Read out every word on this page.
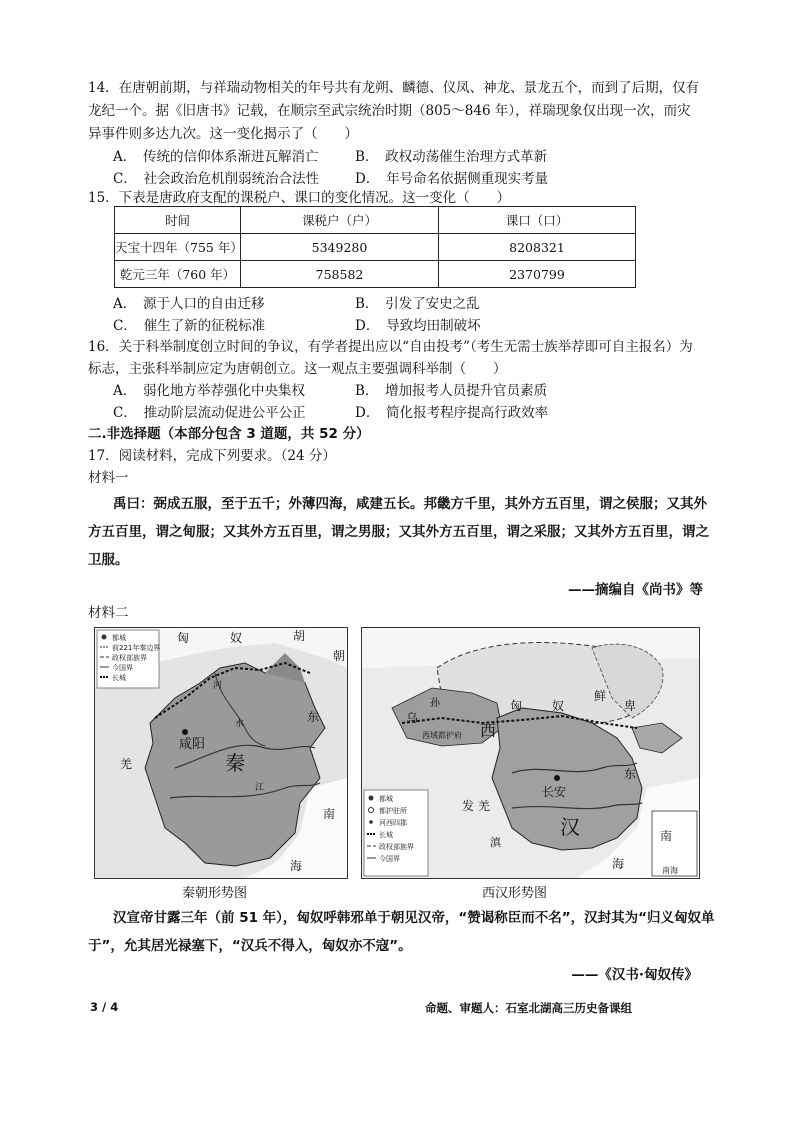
14．在唐朝前期，与祥瑞动物相关的年号共有龙朔、麟德、仪凤、神龙、景龙五个，而到了后期，仅有
龙纪一个。据《旧唐书》记载，在顺宗至武宗统治时期（805～846 年），祥瑞现象仅出现一次，而灾
异事件则多达九次。这一变化揭示了（　　）
A．　传统的信仰体系渐进瓦解消亡	B．　政权动荡催生治理方式革新
C．　社会政治危机削弱统治合法性	D．　年号命名依据侧重现实考量
15．下表是唐政府支配的课税户、课口的变化情况。这一变化（　　）
时间	课税户（户）	课口（口）
天宝十四年（755 年）	5349280	8208321
乾元三年（760 年）	758582	2370799
A．　源于人口的自由迁移	B．　引发了安史之乱
C．　催生了新的征税标准	D．　导致均田制破坏
16．关于科举制度创立时间的争议，有学者提出应以“自由投考”（考生无需士族举荐即可自主报名）为
标志，主张科举制应定为唐朝创立。这一观点主要强调科举制（　　）
A．　弱化地方举荐强化中央集权	B．　增加报考人员提升官员素质
C．　推动阶层流动促进公平公正	D．　简化报考程序提高行政效率
二.非选择题（本部分包含 3 道题，共 52 分）
17．阅读材料，完成下列要求。（24 分）
材料一
禹曰：弼成五服，至于五千；外薄四海，咸建五长。邦畿方千里，其外方五百里，谓之侯服；又其外
方五百里，谓之甸服；又其外方五百里，谓之男服；又其外方五百里，谓之采服；又其外方五百里，谓之
卫服。
——摘编自《尚书》等
材料二
都城
前221年秦边界
政权部族界
今国界
长城
匈	奴	胡
朝
咸阳
秦
羌
东
南
海
河
水
江
都城
都护驻所
河西四郡
长城
政权部族界
今国界
鲜
卑
匈 奴
乌
孙
西
西域都护府
长安
汉
发 羌
东
南
海
滇
南海
秦朝形势图	西汉形势图
汉宣帝甘露三年（前 51 年），匈奴呼韩邪单于朝见汉帝，“赞谒称臣而不名”，汉封其为“归义匈奴单
于”，允其居光禄塞下，“汉兵不得入，匈奴亦不寇”。
——《汉书·匈奴传》
3 / 4	命题、审题人：石室北湖高三历史备课组
